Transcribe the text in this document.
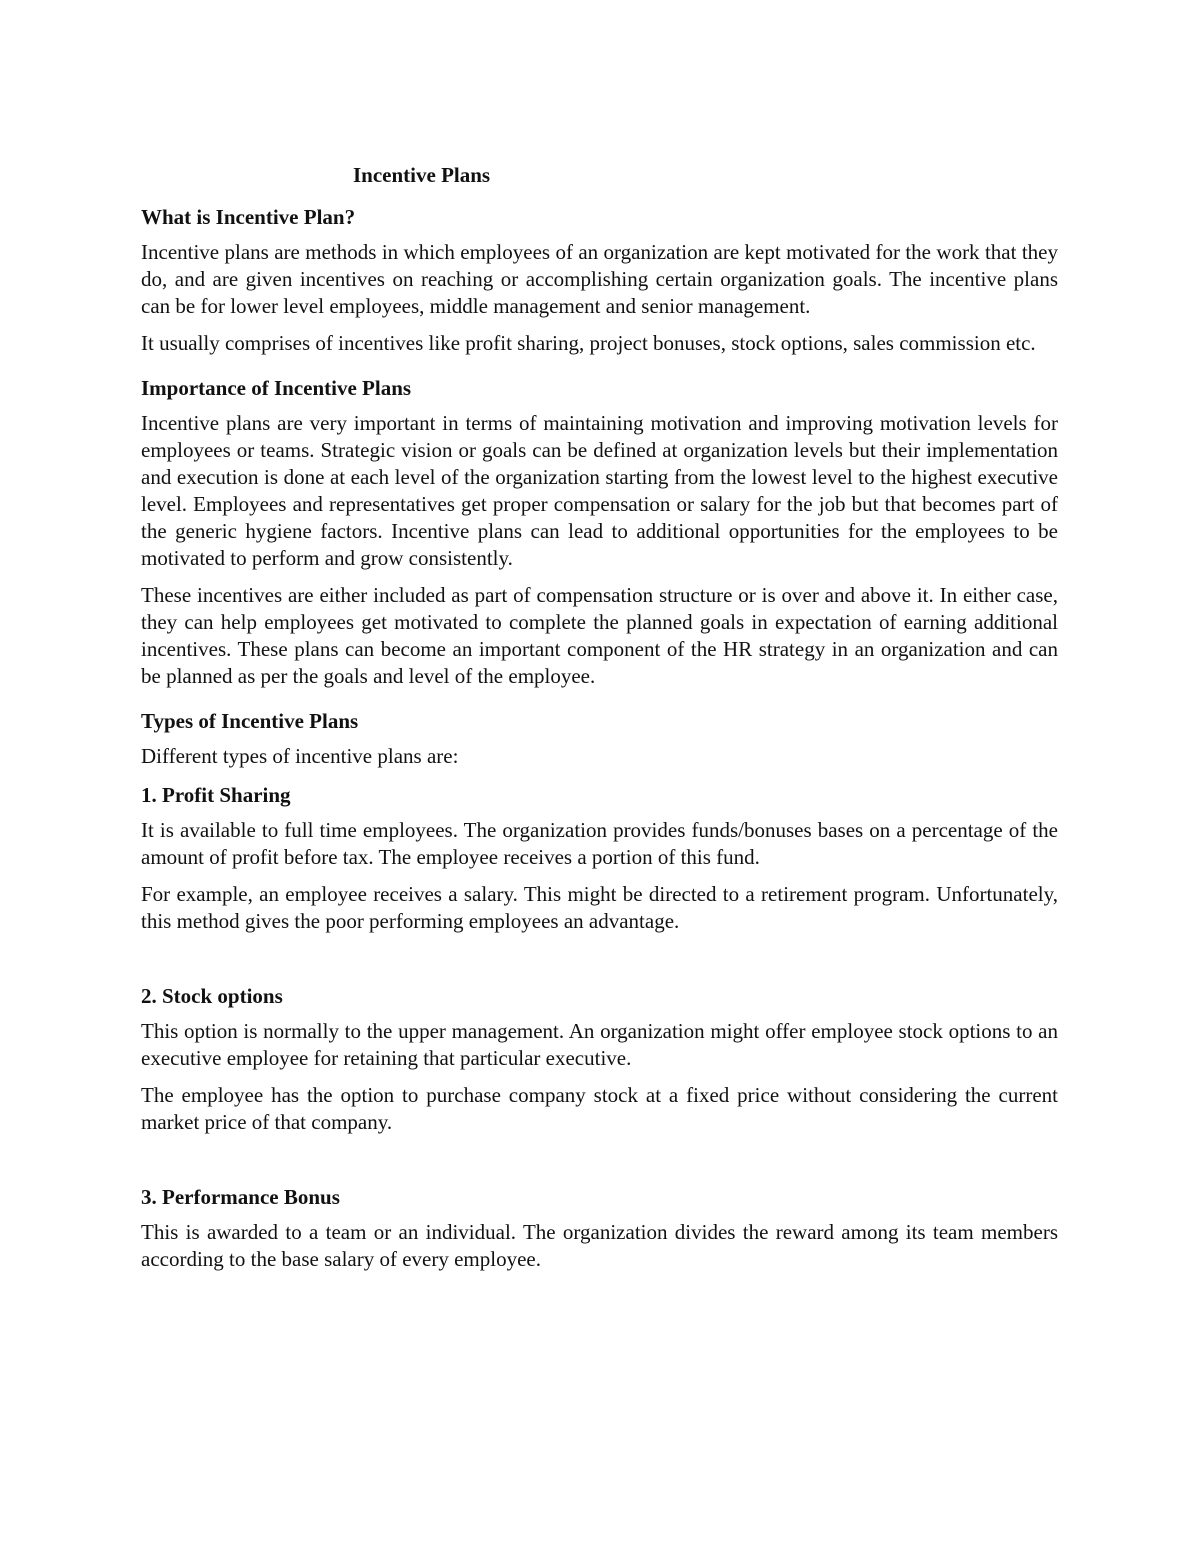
Incentive Plans
What is Incentive Plan?

Incentive plans are methods in which employees of an organization are kept motivated for the work that they do, and are given incentives on reaching or accomplishing certain organization goals. The incentive plans can be for lower level employees, middle management and senior management.

It usually comprises of incentives like profit sharing, project bonuses, stock options, sales commission etc.

Importance of Incentive Plans

Incentive plans are very important in terms of maintaining motivation and improving motivation levels for employees or teams. Strategic vision or goals can be defined at organization levels but their implementation and execution is done at each level of the organization starting from the lowest level to the highest executive level. Employees and representatives get proper compensation or salary for the job but that becomes part of the generic hygiene factors. Incentive plans can lead to additional opportunities for the employees to be motivated to perform and grow consistently.

These incentives are either included as part of compensation structure or is over and above it. In either case, they can help employees get motivated to complete the planned goals in expectation of earning additional incentives. These plans can become an important component of the HR strategy in an organization and can be planned as per the goals and level of the employee.

Types of Incentive Plans

Different types of incentive plans are:

1. Profit Sharing

It is available to full time employees. The organization provides funds/bonuses bases on a percentage of the amount of profit before tax. The employee receives a portion of this fund.

For example, an employee receives a salary. This might be directed to a retirement program. Unfortunately, this method gives the poor performing employees an advantage.

2. Stock options

This option is normally to the upper management. An organization might offer employee stock options to an executive employee for retaining that particular executive.

The employee has the option to purchase company stock at a fixed price without considering the current market price of that company.

3. Performance Bonus

This is awarded to a team or an individual. The organization divides the reward among its team members according to the base salary of every employee.
